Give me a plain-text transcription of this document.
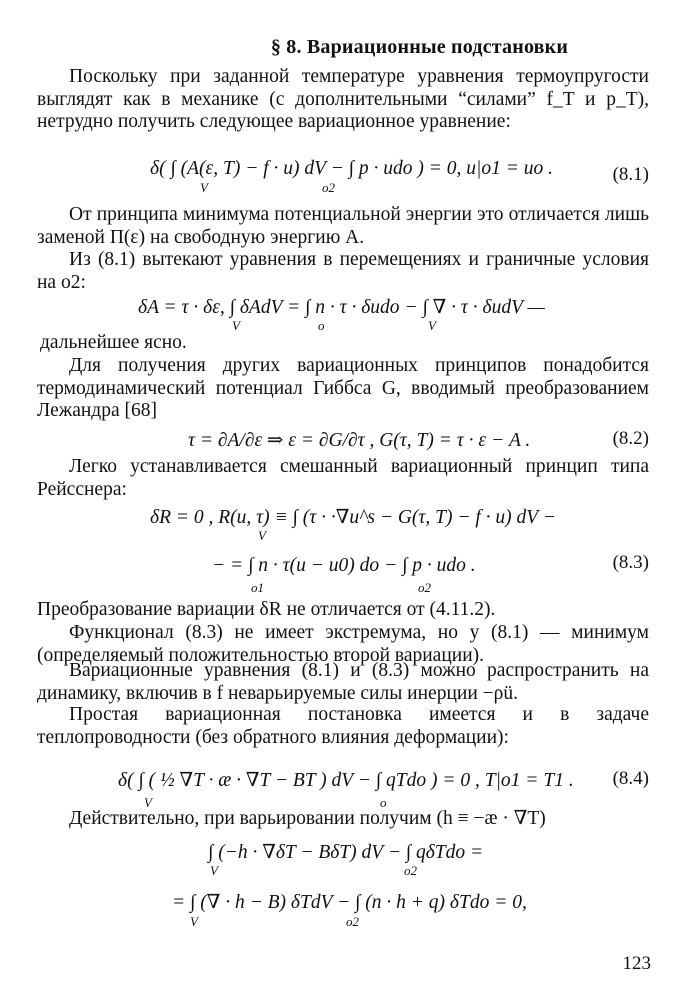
§ 8. Вариационные подстановки
Поскольку при заданной температуре уравнения термоупругости выглядят как в механике (с дополнительными “силами” f_T и p_T), нетрудно получить следующее вариационное уравнение:
δ( ∫ (A(ε, T) − f · u) dV − ∫ p · udo ) = 0, u|o1 = uo .
V	o2
(8.1)
От принципа минимума потенциальной энергии это отличается лишь заменой Π(ε) на свободную энергию A.
Из (8.1) вытекают уравнения в перемещениях и граничные условия на o2:
δA = τ · δε, ∫ δAdV = ∫ n · τ · δudo − ∫ ∇ · τ · δudV —
V	o	V
дальнейшее ясно.
Для получения других вариационных принципов понадобится термодинамический потенциал Гиббса G, вводимый преобразованием Лежандра [68]
τ = ∂A/∂ε ⇒ ε = ∂G/∂τ , G(τ, T) = τ · ε − A .	(8.2)
Легко устанавливается смешанный вариационный принцип типа Рейсснера:
δR = 0 , R(u, τ) ≡ ∫ (τ · ·∇u^s − G(τ, T) − f · u) dV −
V
− = ∫ n · τ(u − u0) do − ∫ p · udo .
o1	o2
(8.3)
Преобразование вариации δR не отличается от (4.11.2).
Функционал (8.3) не имеет экстремума, но у (8.1) — минимум (определяемый положительностью второй вариации).
Вариационные уравнения (8.1) и (8.3) можно распространить на динамику, включив в f неварьируемые силы инерции −ρü.
Простая вариационная постановка имеется и в задаче теплопроводности (без обратного влияния деформации):
δ( ∫ ( ½ ∇T · æ · ∇T − BT ) dV − ∫ qTdo ) = 0 , T|o1 = T1 .
V	o
(8.4)
Действительно, при варьировании получим (h ≡ −æ · ∇T)
∫ (−h · ∇δT − BδT) dV − ∫ qδTdo =
V	o2
= ∫ (∇ · h − B) δTdV − ∫ (n · h + q) δTdo = 0,
V	o2
123
